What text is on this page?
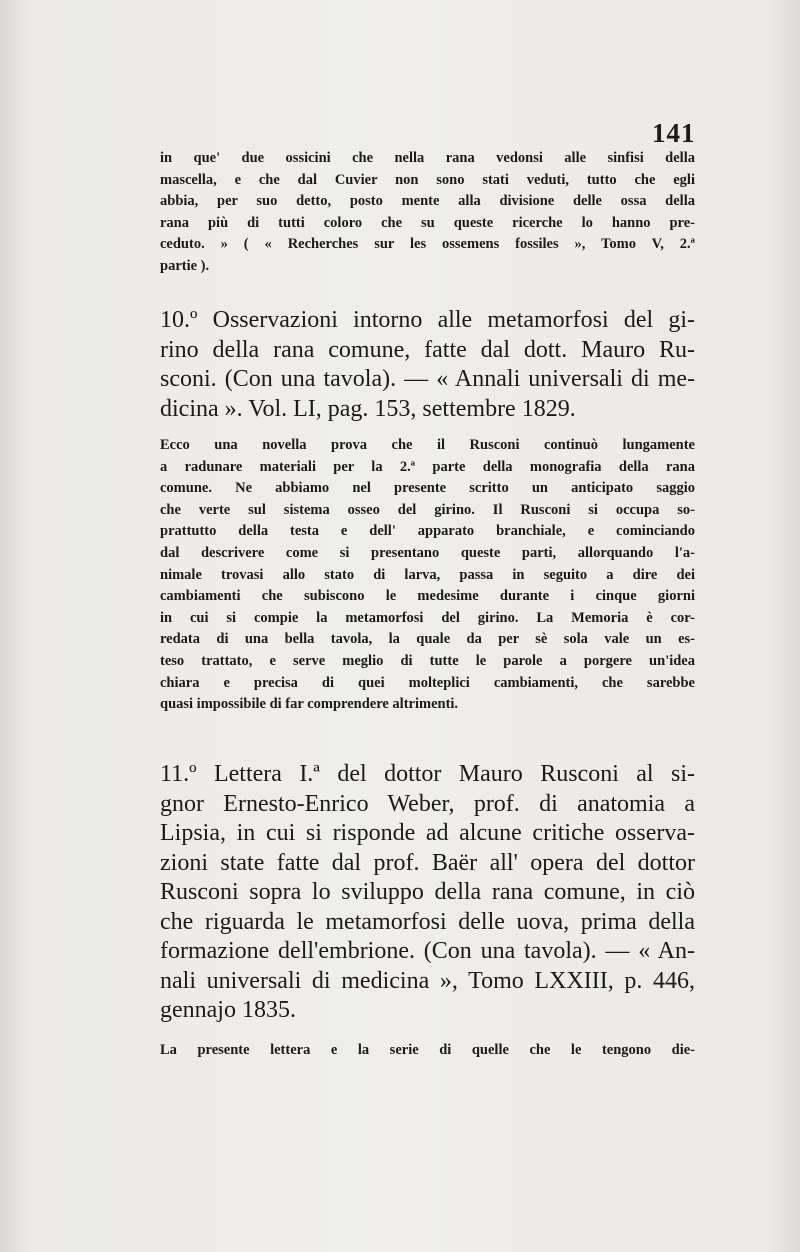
141
in que' due ossicini che nella rana vedonsi alle sinfisi della
mascella, e che dal Cuvier non sono stati veduti, tutto che egli
abbia, per suo detto, posto mente alla divisione delle ossa della
rana più di tutti coloro che su queste ricerche lo hanno pre-
ceduto. » ( « Recherches sur les ossemens fossiles », Tomo V, 2.ª
partie ).
10.º Osservazioni intorno alle metamorfosi del gi-
rino della rana comune, fatte dal dott. Mauro Ru-
sconi. (Con una tavola). — « Annali universali di me-
dicina ». Vol. LI, pag. 153, settembre 1829.
Ecco una novella prova che il Rusconi continuò lungamente
a radunare materiali per la 2.ª parte della monografia della rana
comune. Ne abbiamo nel presente scritto un anticipato saggio
che verte sul sistema osseo del girino. Il Rusconi si occupa so-
prattutto della testa e dell' apparato branchiale, e cominciando
dal descrivere come si presentano queste parti, allorquando l'a-
nimale trovasi allo stato di larva, passa in seguito a dire dei
cambiamenti che subiscono le medesime durante i cinque giorni
in cui si compie la metamorfosi del girino. La Memoria è cor-
redata di una bella tavola, la quale da per sè sola vale un es-
teso trattato, e serve meglio di tutte le parole a porgere un'idea
chiara e precisa di quei molteplici cambiamenti, che sarebbe
quasi impossibile di far comprendere altrimenti.
11.º Lettera I.ª del dottor Mauro Rusconi al si-
gnor Ernesto-Enrico Weber, prof. di anatomia a
Lipsia, in cui si risponde ad alcune critiche osserva-
zioni state fatte dal prof. Baër all' opera del dottor
Rusconi sopra lo sviluppo della rana comune, in ciò
che riguarda le metamorfosi delle uova, prima della
formazione dell'embrione. (Con una tavola). — « An-
nali universali di medicina », Tomo LXXIII, p. 446,
gennajo 1835.
La presente lettera e la serie di quelle che le tengono die-
